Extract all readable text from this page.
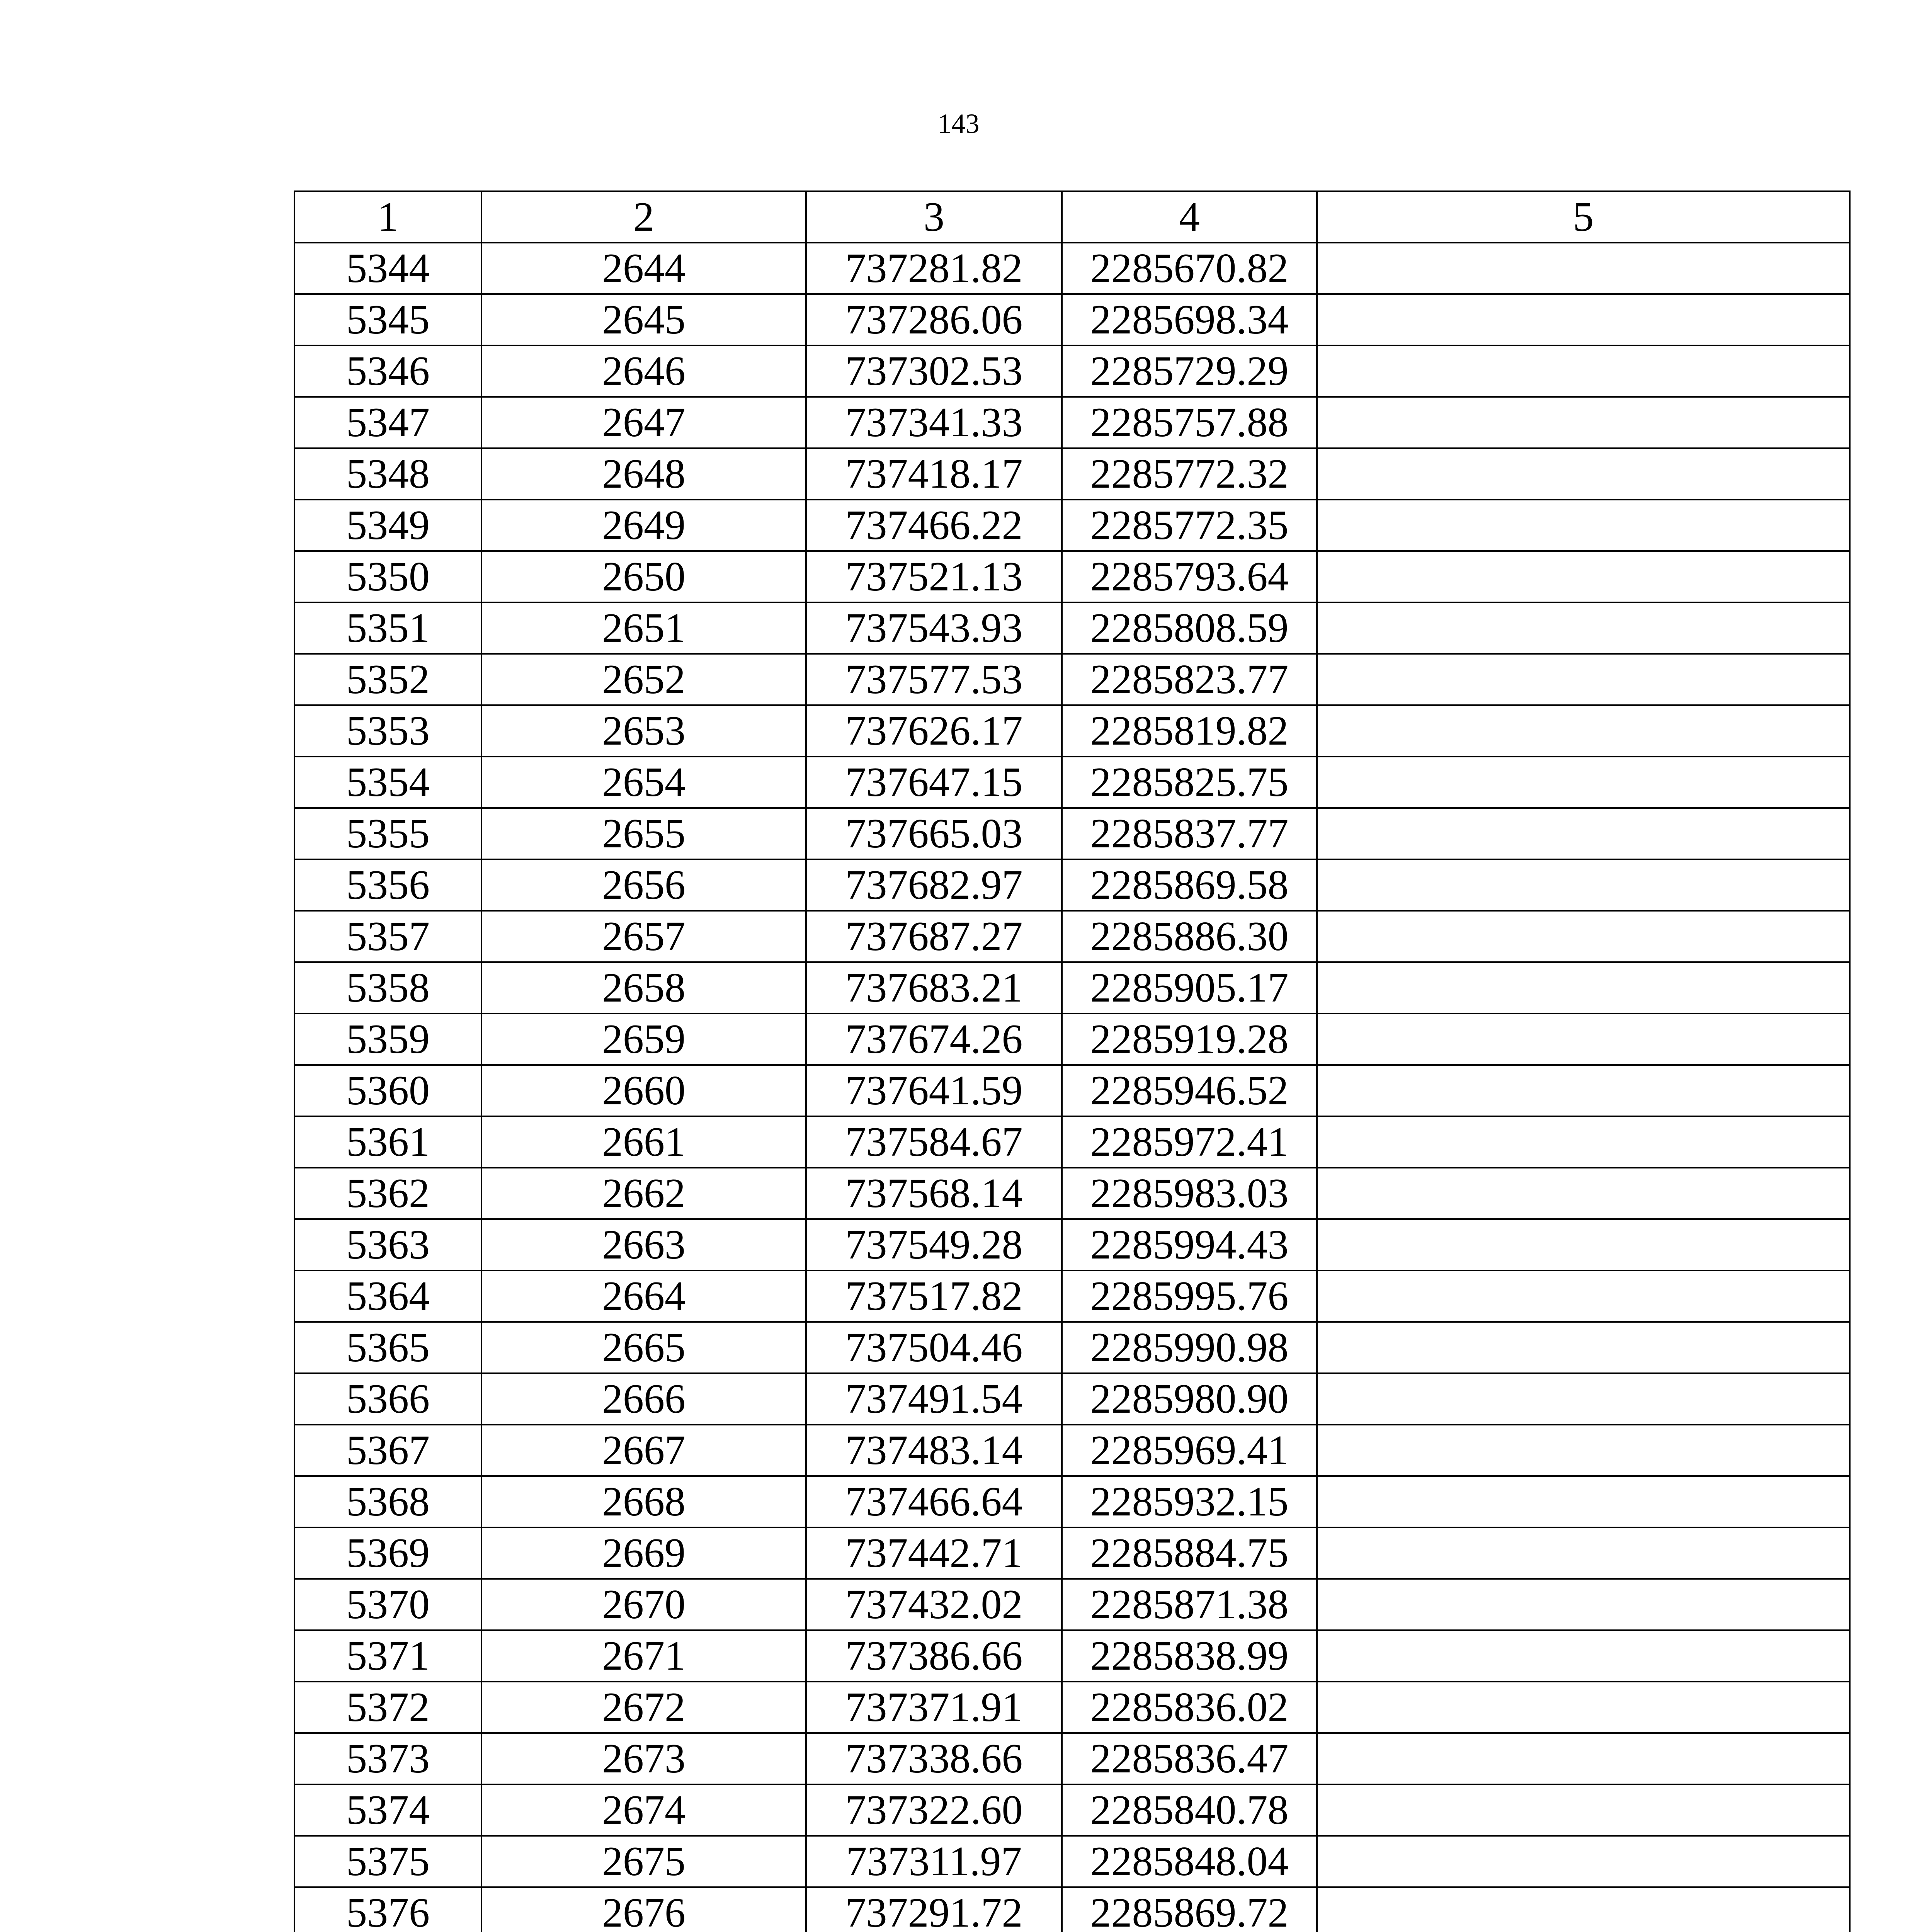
143
1	2	3	4	5
5344	2644	737281.82	2285670.82	
5345	2645	737286.06	2285698.34	
5346	2646	737302.53	2285729.29	
5347	2647	737341.33	2285757.88	
5348	2648	737418.17	2285772.32	
5349	2649	737466.22	2285772.35	
5350	2650	737521.13	2285793.64	
5351	2651	737543.93	2285808.59	
5352	2652	737577.53	2285823.77	
5353	2653	737626.17	2285819.82	
5354	2654	737647.15	2285825.75	
5355	2655	737665.03	2285837.77	
5356	2656	737682.97	2285869.58	
5357	2657	737687.27	2285886.30	
5358	2658	737683.21	2285905.17	
5359	2659	737674.26	2285919.28	
5360	2660	737641.59	2285946.52	
5361	2661	737584.67	2285972.41	
5362	2662	737568.14	2285983.03	
5363	2663	737549.28	2285994.43	
5364	2664	737517.82	2285995.76	
5365	2665	737504.46	2285990.98	
5366	2666	737491.54	2285980.90	
5367	2667	737483.14	2285969.41	
5368	2668	737466.64	2285932.15	
5369	2669	737442.71	2285884.75	
5370	2670	737432.02	2285871.38	
5371	2671	737386.66	2285838.99	
5372	2672	737371.91	2285836.02	
5373	2673	737338.66	2285836.47	
5374	2674	737322.60	2285840.78	
5375	2675	737311.97	2285848.04	
5376	2676	737291.72	2285869.72	
